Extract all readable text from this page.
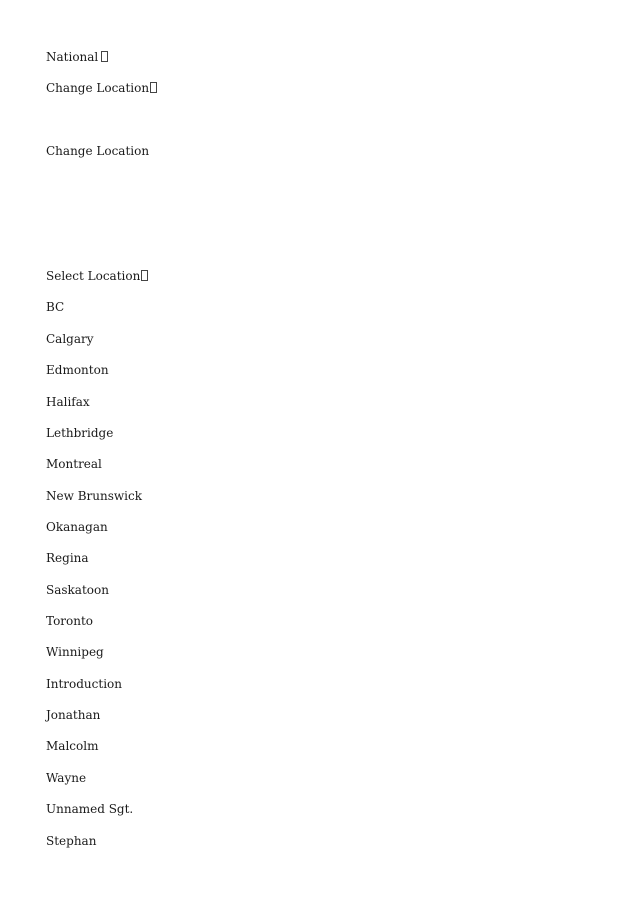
National
Change Location
Change Location
Select Location
BC
Calgary
Edmonton
Halifax
Lethbridge
Montreal
New Brunswick
Okanagan
Regina
Saskatoon
Toronto
Winnipeg
Introduction
Jonathan
Malcolm
Wayne
Unnamed Sgt.
Stephan
